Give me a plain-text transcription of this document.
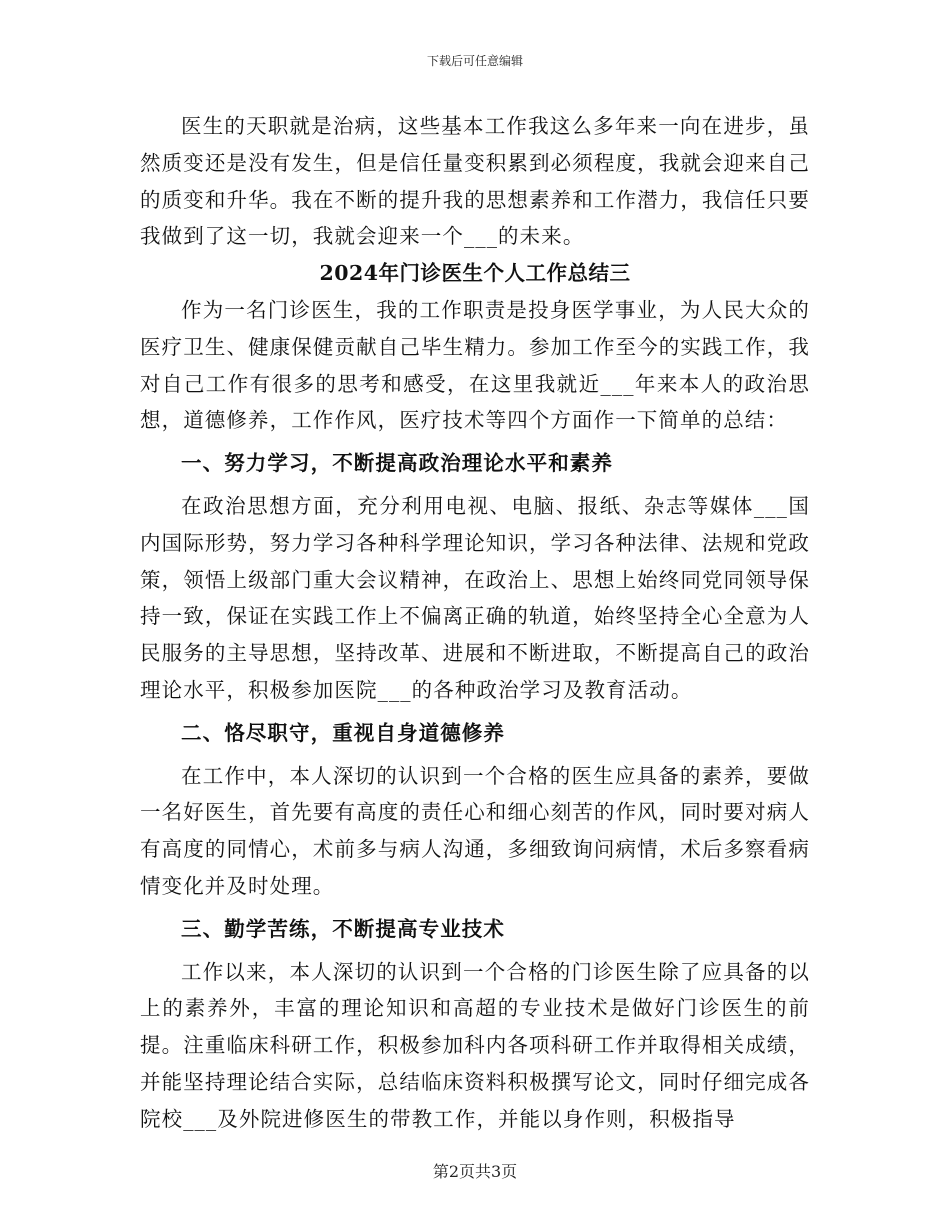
下载后可任意编辑

医生的天职就是治病，这些基本工作我这么多年来一向在进步，虽然质变还是没有发生，但是信任量变积累到必须程度，我就会迎来自己的质变和升华。我在不断的提升我的思想素养和工作潜力，我信任只要我做到了这一切，我就会迎来一个___的未来。

2024年门诊医生个人工作总结三

作为一名门诊医生，我的工作职责是投身医学事业，为人民大众的医疗卫生、健康保健贡献自己毕生精力。参加工作至今的实践工作，我对自己工作有很多的思考和感受，在这里我就近___年来本人的政治思想，道德修养，工作作风，医疗技术等四个方面作一下简单的总结：

一、努力学习，不断提高政治理论水平和素养

在政治思想方面，充分利用电视、电脑、报纸、杂志等媒体___国内国际形势，努力学习各种科学理论知识，学习各种法律、法规和党政策，领悟上级部门重大会议精神，在政治上、思想上始终同党同领导保持一致，保证在实践工作上不偏离正确的轨道，始终坚持全心全意为人民服务的主导思想，坚持改革、进展和不断进取，不断提高自己的政治理论水平，积极参加医院___的各种政治学习及教育活动。

二、恪尽职守，重视自身道德修养

在工作中，本人深切的认识到一个合格的医生应具备的素养，要做一名好医生，首先要有高度的责任心和细心刻苦的作风，同时要对病人有高度的同情心，术前多与病人沟通，多细致询问病情，术后多察看病情变化并及时处理。

三、勤学苦练，不断提高专业技术

工作以来，本人深切的认识到一个合格的门诊医生除了应具备的以上的素养外，丰富的理论知识和高超的专业技术是做好门诊医生的前提。注重临床科研工作，积极参加科内各项科研工作并取得相关成绩，并能坚持理论结合实际，总结临床资料积极撰写论文，同时仔细完成各院校___及外院进修医生的带教工作，并能以身作则，积极指导

第2页共3页
